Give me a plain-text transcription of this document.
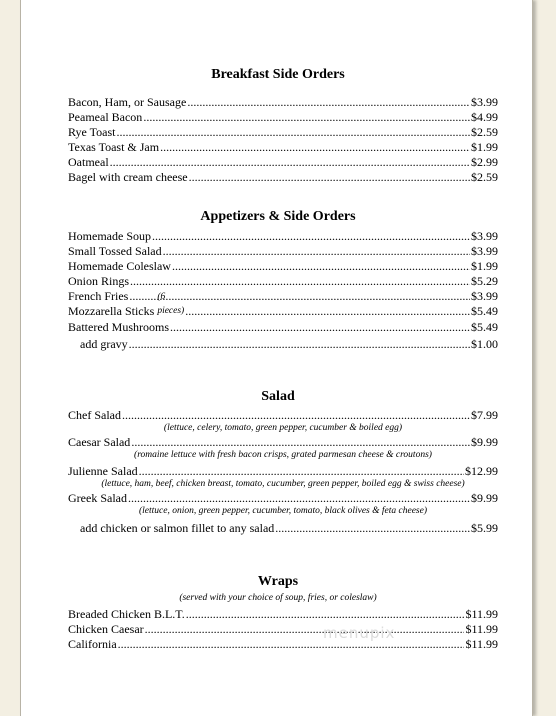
Breakfast Side Orders
Bacon, Ham, or Sausage .....	$3.99
Peameal Bacon .....	$4.99
Rye Toast .....	$2.59
Texas Toast & Jam .....	$1.99
Oatmeal .....	$2.99
Bagel with cream cheese .....	$2.59
Appetizers & Side Orders
Homemade Soup .....	$3.99
Small Tossed Salad .....	$3.99
Homemade Coleslaw .....	$1.99
Onion Rings .....	$5.29
French Fries .....	$3.99
Mozzarella Sticks
(6 pieces) .....	$5.49
Battered Mushrooms .....	$5.49
add gravy .....	$1.00
Salad
Chef Salad .....	$7.99
(lettuce, celery, tomato, green pepper, cucumber & boiled egg)
Caesar Salad .....	$9.99
(romaine lettuce with fresh bacon crisps, grated parmesan cheese & croutons)
Julienne Salad .....	$12.99
(lettuce, ham, beef, chicken breast, tomato, cucumber, green pepper, boiled egg & swiss cheese)
Greek Salad .....	$9.99
(lettuce, onion, green pepper, cucumber, tomato, black olives & feta cheese)
add chicken or salmon fillet to any salad .....	$5.99
Wraps
(served with your choice of soup, fries, or coleslaw)
Breaded Chicken B.L.T. .....	$11.99
Chicken Caesar .....	$11.99
California .....	$11.99
menupix
